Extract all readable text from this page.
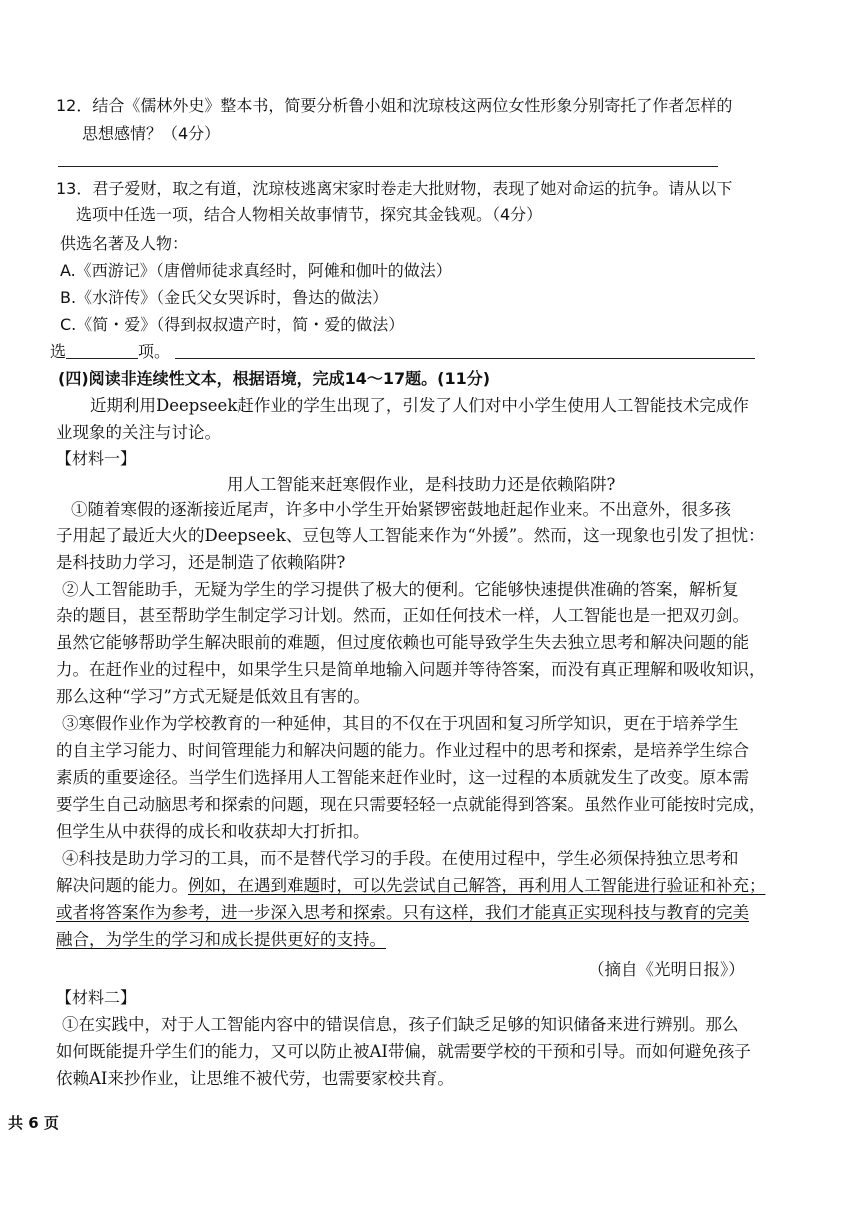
12．结合《儒林外史》整本书，简要分析鲁小姐和沈琼枝这两位女性形象分别寄托了作者怎样的
思想感情？（4分）
13．君子爱财，取之有道，沈琼枝逃离宋家时卷走大批财物，表现了她对命运的抗争。请从以下
选项中任选一项，结合人物相关故事情节，探究其金钱观。（4分）
供选名著及人物：
A.《西游记》（唐僧师徒求真经时，阿傩和伽叶的做法）
B.《水浒传》（金氏父女哭诉时，鲁达的做法）
C.《简・爱》（得到叔叔遗产时，简・爱的做法）
选	项。
(四)阅读非连续性文本，根据语境，完成14～17题。(11分)
近期利用Deepseek赶作业的学生出现了，引发了人们对中小学生使用人工智能技术完成作
业现象的关注与讨论。
【材料一】
用人工智能来赶寒假作业，是科技助力还是依赖陷阱?
①随着寒假的逐渐接近尾声，许多中小学生开始紧锣密鼓地赶起作业来。不出意外，很多孩
子用起了最近大火的Deepseek、豆包等人工智能来作为“外援”。然而，这一现象也引发了担忧：
是科技助力学习，还是制造了依赖陷阱?
②人工智能助手，无疑为学生的学习提供了极大的便利。它能够快速提供准确的答案，解析复
杂的题目，甚至帮助学生制定学习计划。然而，正如任何技术一样，人工智能也是一把双刃剑。
虽然它能够帮助学生解决眼前的难题，但过度依赖也可能导致学生失去独立思考和解决问题的能
力。在赶作业的过程中，如果学生只是简单地输入问题并等待答案，而没有真正理解和吸收知识，
那么这种“学习”方式无疑是低效且有害的。
③寒假作业作为学校教育的一种延伸，其目的不仅在于巩固和复习所学知识，更在于培养学生
的自主学习能力、时间管理能力和解决问题的能力。作业过程中的思考和探索，是培养学生综合
素质的重要途径。当学生们选择用人工智能来赶作业时，这一过程的本质就发生了改变。原本需
要学生自己动脑思考和探索的问题，现在只需要轻轻一点就能得到答案。虽然作业可能按时完成，
但学生从中获得的成长和收获却大打折扣。
④科技是助力学习的工具，而不是替代学习的手段。在使用过程中，学生必须保持独立思考和
解决问题的能力。例如，在遇到难题时，可以先尝试自己解答，再利用人工智能进行验证和补充；
或者将答案作为参考，进一步深入思考和探索。只有这样，我们才能真正实现科技与教育的完美
融合，为学生的学习和成长提供更好的支持。
（摘自《光明日报》）
【材料二】
①在实践中，对于人工智能内容中的错误信息，孩子们缺乏足够的知识储备来进行辨别。那么
如何既能提升学生们的能力，又可以防止被AI带偏，就需要学校的干预和引导。而如何避免孩子
依赖AI来抄作业，让思维不被代劳，也需要家校共育。
共 6 页
